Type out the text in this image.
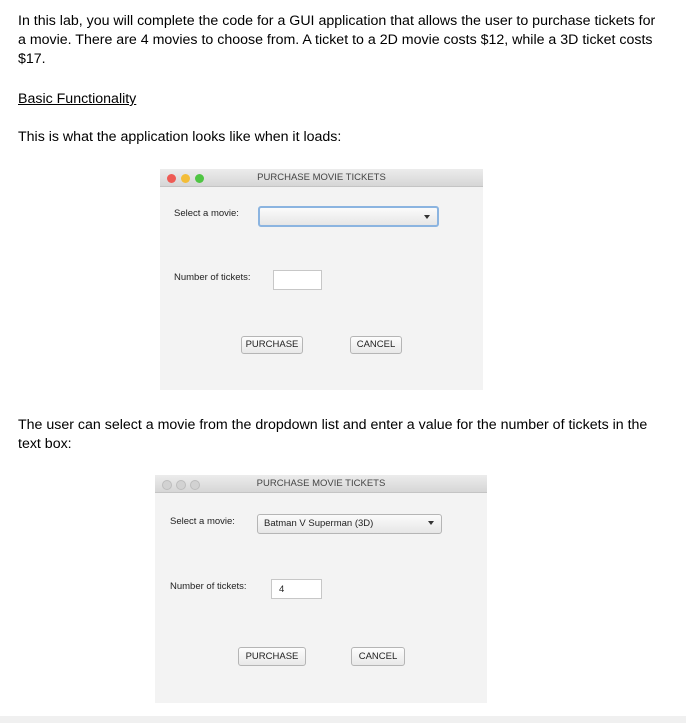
In this lab, you will complete the code for a GUI application that allows the user to purchase tickets for a movie. There are 4 movies to choose from. A ticket to a 2D movie costs $12, while a 3D ticket costs $17.

Basic Functionality

This is what the application looks like when it loads:

PURCHASE MOVIE TICKETS
Select a movie:
Number of tickets:
PURCHASE	CANCEL

The user can select a movie from the dropdown list and enter a value for the number of tickets in the text box:

PURCHASE MOVIE TICKETS
Select a movie:	Batman V Superman (3D)
Number of tickets:	4
PURCHASE	CANCEL
